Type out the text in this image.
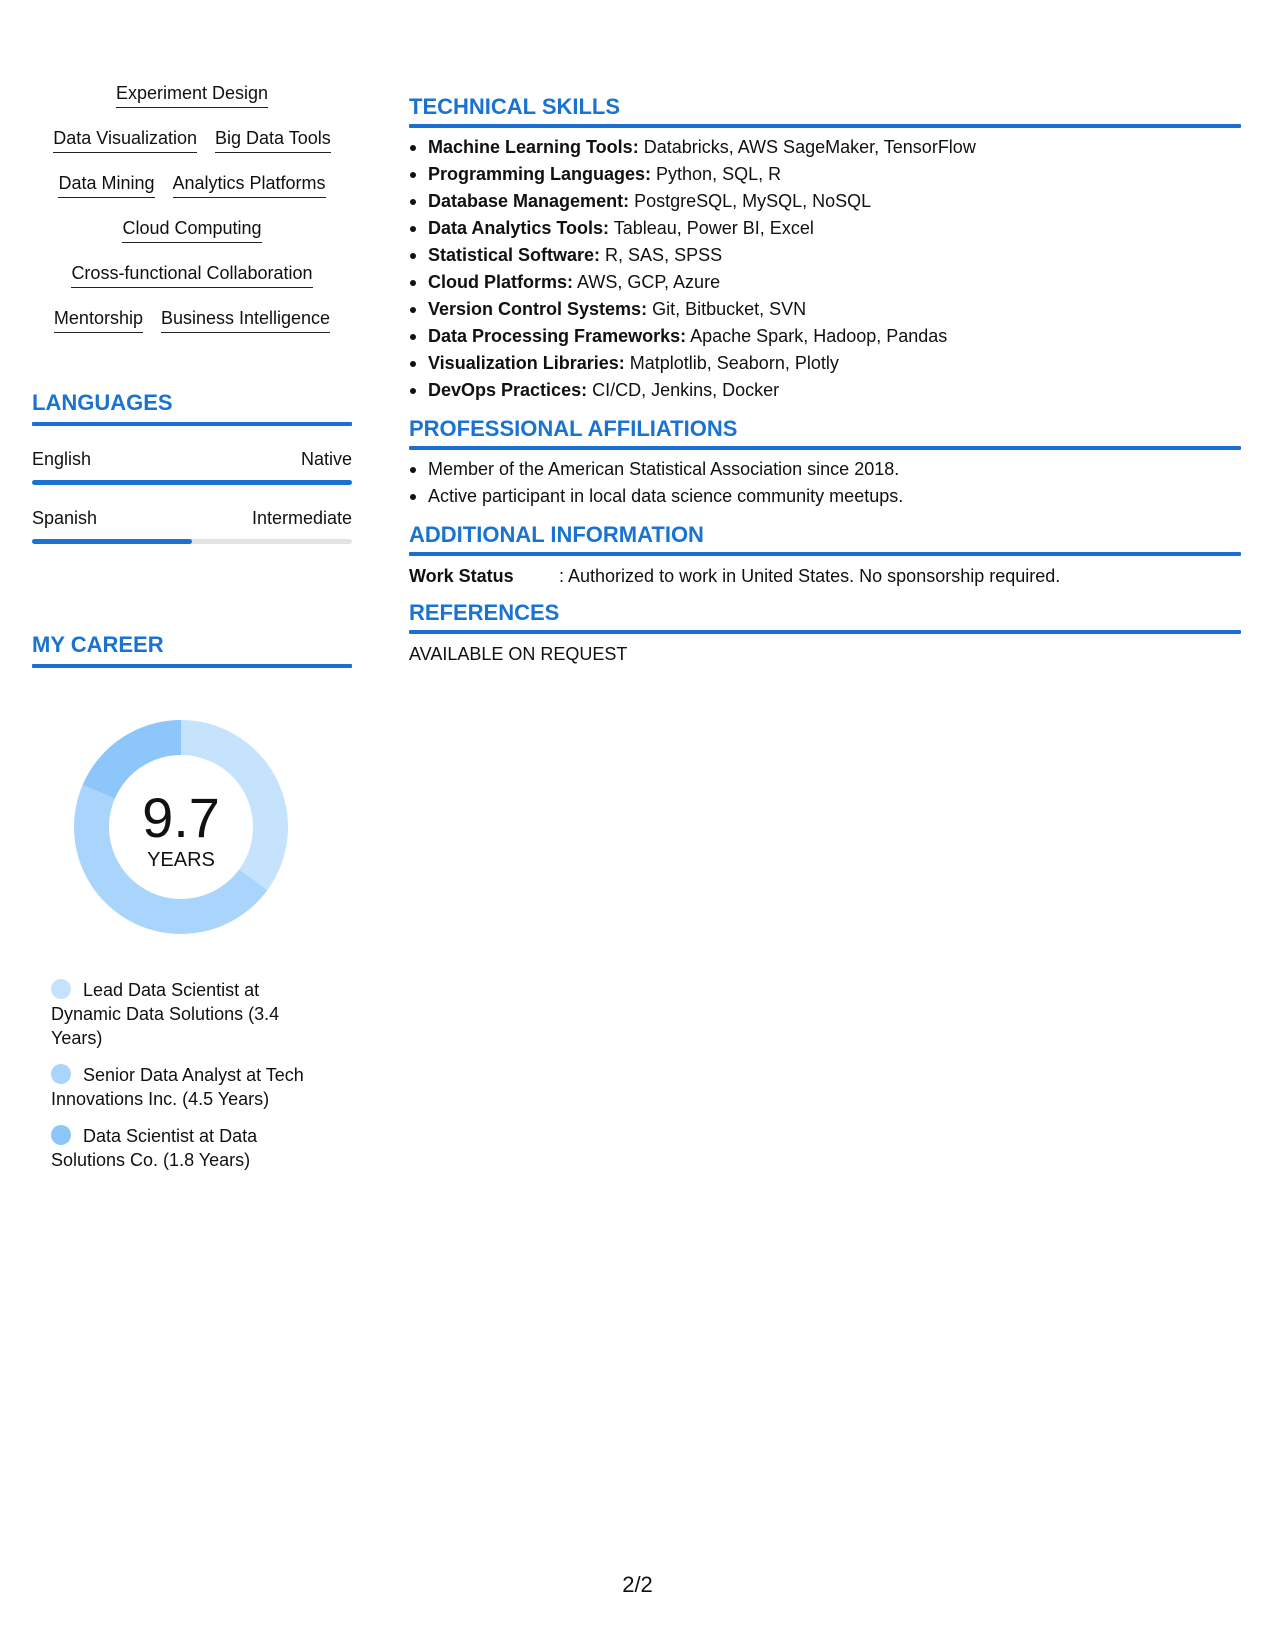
Experiment Design
Data Visualization Big Data Tools
Data Mining Analytics Platforms
Cloud Computing
Cross-functional Collaboration
Mentorship Business Intelligence
LANGUAGES
English	Native
Spanish	Intermediate
MY CAREER
9.7
YEARS
Lead Data Scientist at Dynamic Data Solutions (3.4 Years)
Senior Data Analyst at Tech Innovations Inc. (4.5 Years)
Data Scientist at Data Solutions Co. (1.8 Years)
TECHNICAL SKILLS
Machine Learning Tools: Databricks, AWS SageMaker, TensorFlow
Programming Languages: Python, SQL, R
Database Management: PostgreSQL, MySQL, NoSQL
Data Analytics Tools: Tableau, Power BI, Excel
Statistical Software: R, SAS, SPSS
Cloud Platforms: AWS, GCP, Azure
Version Control Systems: Git, Bitbucket, SVN
Data Processing Frameworks: Apache Spark, Hadoop, Pandas
Visualization Libraries: Matplotlib, Seaborn, Plotly
DevOps Practices: CI/CD, Jenkins, Docker
PROFESSIONAL AFFILIATIONS
Member of the American Statistical Association since 2018.
Active participant in local data science community meetups.
ADDITIONAL INFORMATION
Work Status	: Authorized to work in United States. No sponsorship required.
REFERENCES
AVAILABLE ON REQUEST
2/2
